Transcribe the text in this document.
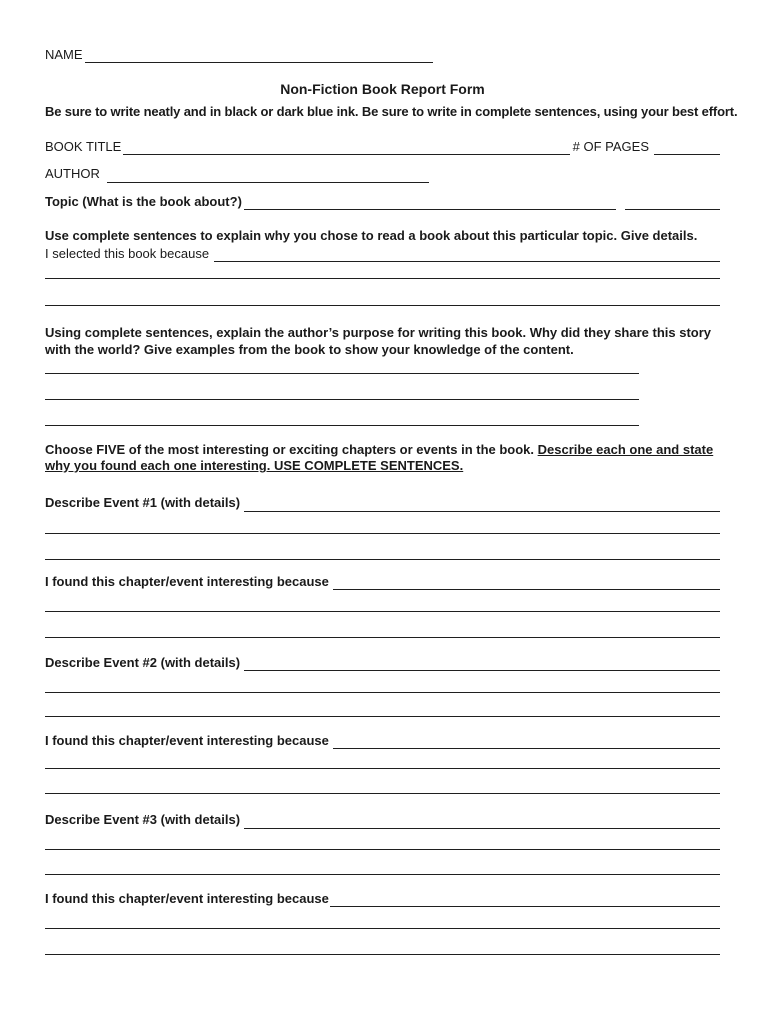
NAME
Non-Fiction Book Report Form
Be sure to write neatly and in black or dark blue ink. Be sure to write in complete sentences, using your best effort.
BOOK TITLE	# OF PAGES
AUTHOR
Topic (What is the book about?)
Use complete sentences to explain why you chose to read a book about this particular topic. Give details.
I selected this book because
Using complete sentences, explain the author’s purpose for writing this book. Why did they share this story with the world? Give examples from the book to show your knowledge of the content.
Choose FIVE of the most interesting or exciting chapters or events in the book. Describe each one and state why you found each one interesting. USE COMPLETE SENTENCES.
Describe Event #1 (with details)
I found this chapter/event interesting because
Describe Event #2 (with details)
I found this chapter/event interesting because
Describe Event #3 (with details)
I found this chapter/event interesting because
